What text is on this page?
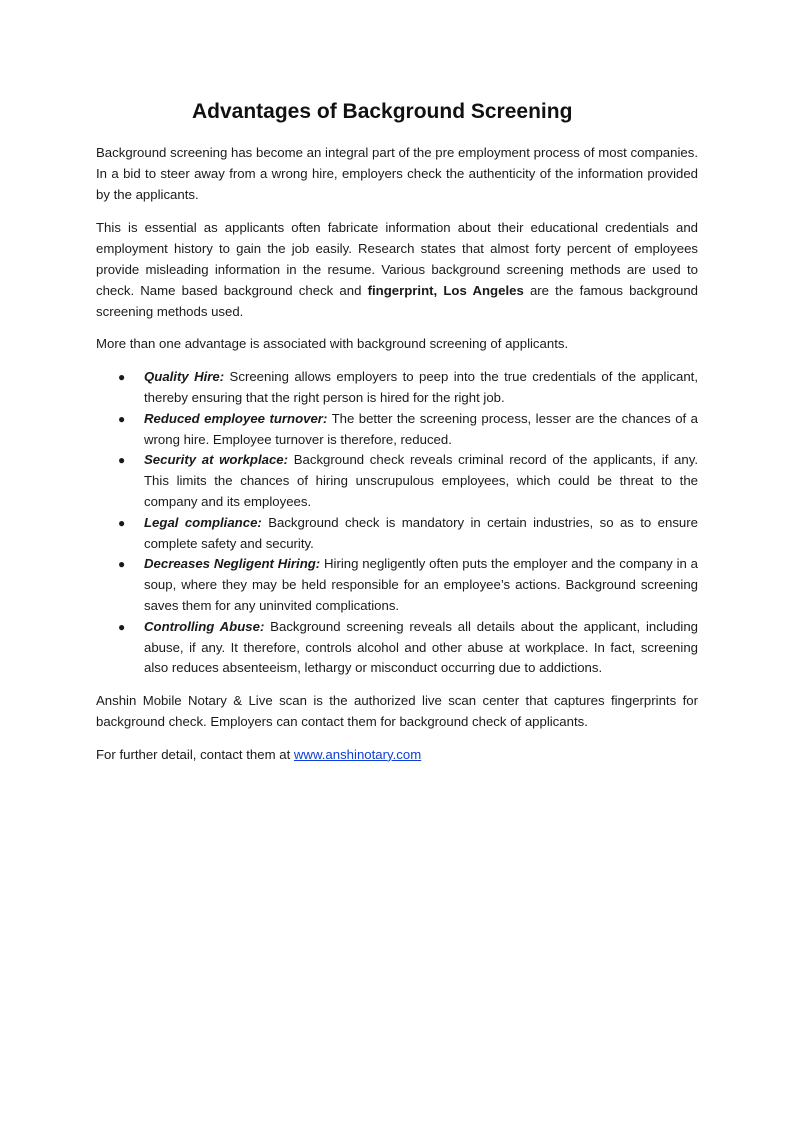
Advantages of Background Screening

Background screening has become an integral part of the pre employment process of most companies. In a bid to steer away from a wrong hire, employers check the authenticity of the information provided by the applicants.

This is essential as applicants often fabricate information about their educational credentials and employment history to gain the job easily. Research states that almost forty percent of employees provide misleading information in the resume. Various background screening methods are used to check. Name based background check and fingerprint, Los Angeles are the famous background screening methods used.

More than one advantage is associated with background screening of applicants.

● Quality Hire: Screening allows employers to peep into the true credentials of the applicant, thereby ensuring that the right person is hired for the right job.
● Reduced employee turnover: The better the screening process, lesser are the chances of a wrong hire. Employee turnover is therefore, reduced.
● Security at workplace: Background check reveals criminal record of the applicants, if any. This limits the chances of hiring unscrupulous employees, which could be threat to the company and its employees.
● Legal compliance: Background check is mandatory in certain industries, so as to ensure complete safety and security.
● Decreases Negligent Hiring: Hiring negligently often puts the employer and the company in a soup, where they may be held responsible for an employee’s actions. Background screening saves them for any uninvited complications.
● Controlling Abuse: Background screening reveals all details about the applicant, including abuse, if any. It therefore, controls alcohol and other abuse at workplace. In fact, screening also reduces absenteeism, lethargy or misconduct occurring due to addictions.

Anshin Mobile Notary & Live scan is the authorized live scan center that captures fingerprints for background check. Employers can contact them for background check of applicants.

For further detail, contact them at www.anshinotary.com
